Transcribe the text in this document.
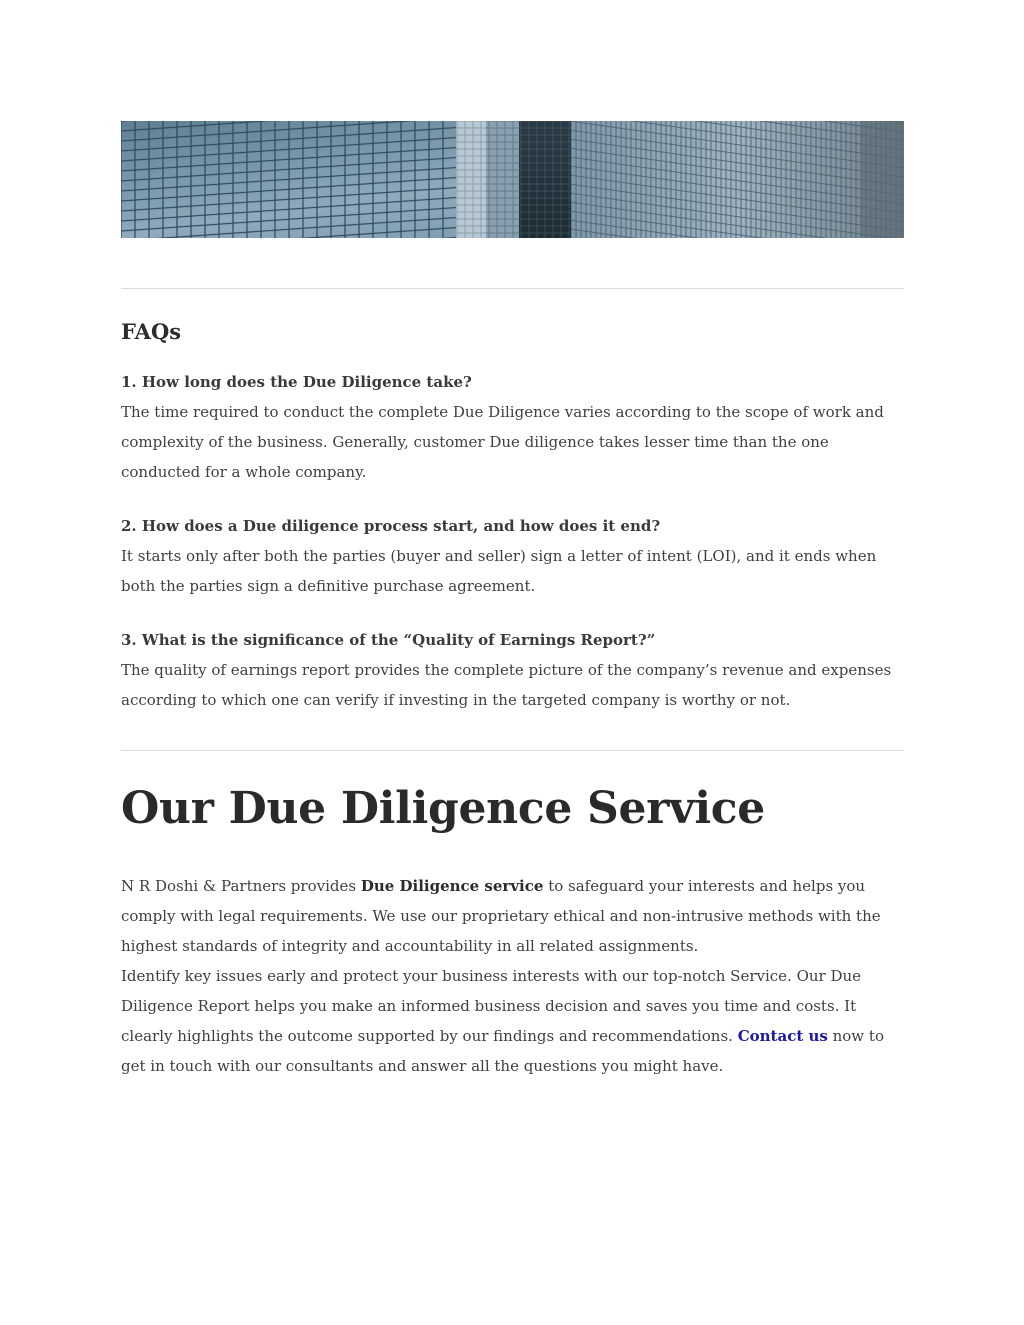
FAQs

1. How long does the Due Diligence take?

The time required to conduct the complete Due Diligence varies according to the scope of work and complexity of the business. Generally, customer Due diligence takes lesser time than the one conducted for a whole company.

2. How does a Due diligence process start, and how does it end?

It starts only after both the parties (buyer and seller) sign a letter of intent (LOI), and it ends when both the parties sign a definitive purchase agreement.

3. What is the significance of the “Quality of Earnings Report?”

The quality of earnings report provides the complete picture of the company’s revenue and expenses according to which one can verify if investing in the targeted company is worthy or not.

Our Due Diligence Service

N R Doshi & Partners provides Due Diligence service to safeguard your interests and helps you comply with legal requirements. We use our proprietary ethical and non-intrusive methods with the highest standards of integrity and accountability in all related assignments.

Identify key issues early and protect your business interests with our top-notch Service. Our Due Diligence Report helps you make an informed business decision and saves you time and costs. It clearly highlights the outcome supported by our findings and recommendations. Contact us now to get in touch with our consultants and answer all the questions you might have.
